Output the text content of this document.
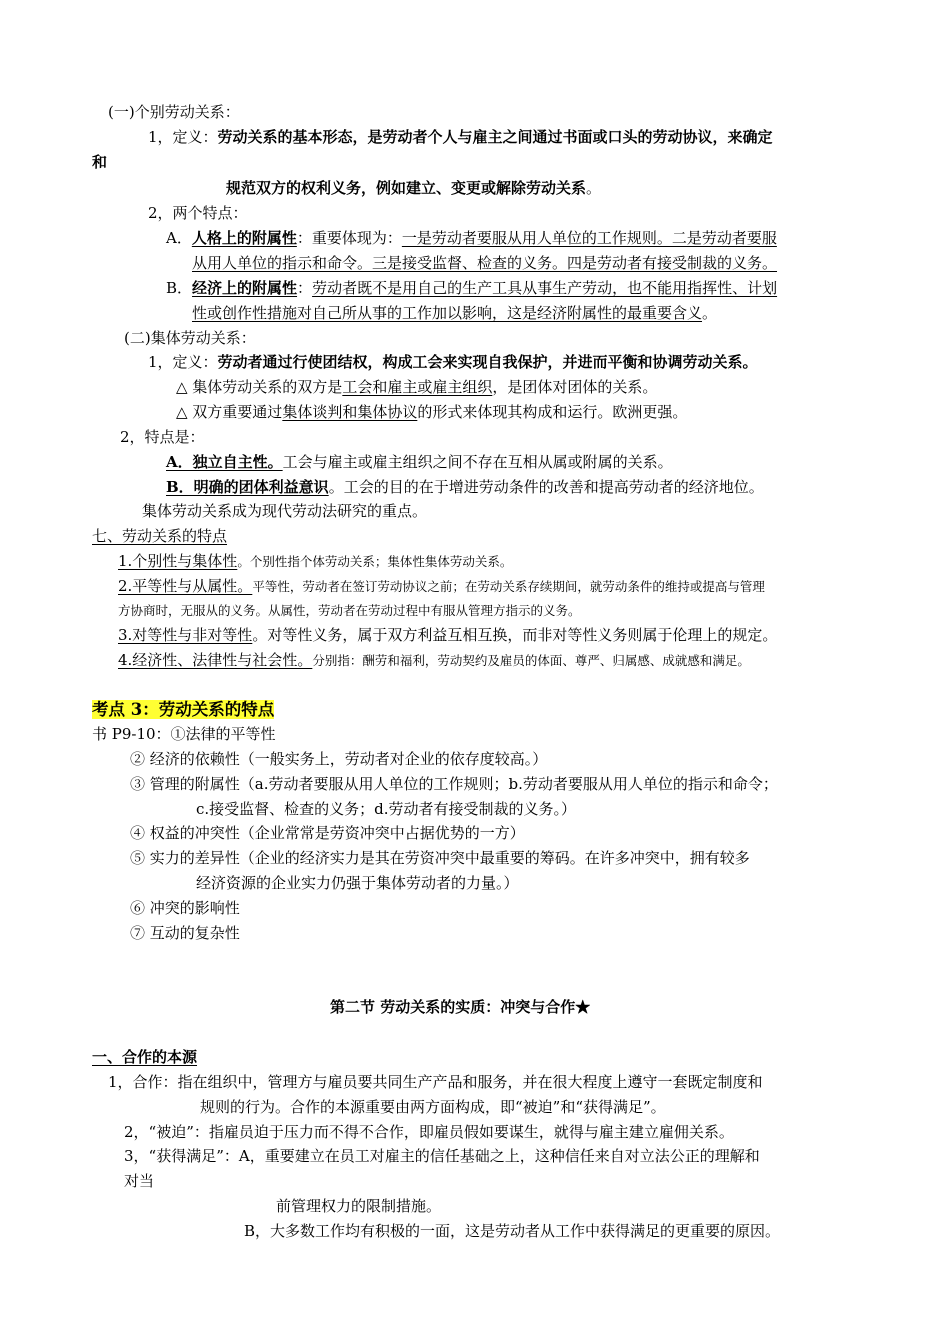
(一)个别劳动关系：
1，定义：劳动关系的基本形态，是劳动者个人与雇主之间通过书面或口头的劳动协议，来确定
和
规范双方的权利义务，例如建立、变更或解除劳动关系。
2，两个特点：
A．人格上的附属性：重要体现为：一是劳动者要服从用人单位的工作规则。二是劳动者要服
从用人单位的指示和命令。三是接受监督、检查的义务。四是劳动者有接受制裁的义务。
B．经济上的附属性：劳动者既不是用自己的生产工具从事生产劳动，也不能用指挥性、计划
性或创作性措施对自己所从事的工作加以影响，这是经济附属性的最重要含义。
(二)集体劳动关系：
1，定义：劳动者通过行使团结权，构成工会来实现自我保护，并进而平衡和协调劳动关系。
△ 集体劳动关系的双方是工会和雇主或雇主组织，是团体对团体的关系。
△ 双方重要通过集体谈判和集体协议的形式来体现其构成和运行。欧洲更强。
2，特点是：
A．独立自主性。工会与雇主或雇主组织之间不存在互相从属或附属的关系。
B．明确的团体利益意识。工会的目的在于增进劳动条件的改善和提高劳动者的经济地位。
集体劳动关系成为现代劳动法研究的重点。
七、劳动关系的特点
1.个别性与集体性。个别性指个体劳动关系；集体性集体劳动关系。
2.平等性与从属性。平等性，劳动者在签订劳动协议之前；在劳动关系存续期间，就劳动条件的维持或提高与管理
方协商时，无服从的义务。从属性，劳动者在劳动过程中有服从管理方指示的义务。
3.对等性与非对等性。对等性义务，属于双方利益互相互换，而非对等性义务则属于伦理上的规定。
4.经济性、法律性与社会性。分别指：酬劳和福利，劳动契约及雇员的体面、尊严、归属感、成就感和满足。
考点 3：劳动关系的特点
书 P9-10：①法律的平等性
② 经济的依赖性（一般实务上，劳动者对企业的依存度较高。）
③ 管理的附属性（a.劳动者要服从用人单位的工作规则；b.劳动者要服从用人单位的指示和命令；
c.接受监督、检查的义务；d.劳动者有接受制裁的义务。）
④ 权益的冲突性（企业常常是劳资冲突中占据优势的一方）
⑤ 实力的差异性（企业的经济实力是其在劳资冲突中最重要的筹码。在许多冲突中，拥有较多
经济资源的企业实力仍强于集体劳动者的力量。）
⑥ 冲突的影响性
⑦ 互动的复杂性
第二节 劳动关系的实质：冲突与合作★
一、合作的本源
1，合作：指在组织中，管理方与雇员要共同生产产品和服务，并在很大程度上遵守一套既定制度和
规则的行为。合作的本源重要由两方面构成，即“被迫”和“获得满足”。
2，“被迫”：指雇员迫于压力而不得不合作，即雇员假如要谋生，就得与雇主建立雇佣关系。
3，“获得满足”：A，重要建立在员工对雇主的信任基础之上，这种信任来自对立法公正的理解和
对当
前管理权力的限制措施。
B，大多数工作均有积极的一面，这是劳动者从工作中获得满足的更重要的原因。
